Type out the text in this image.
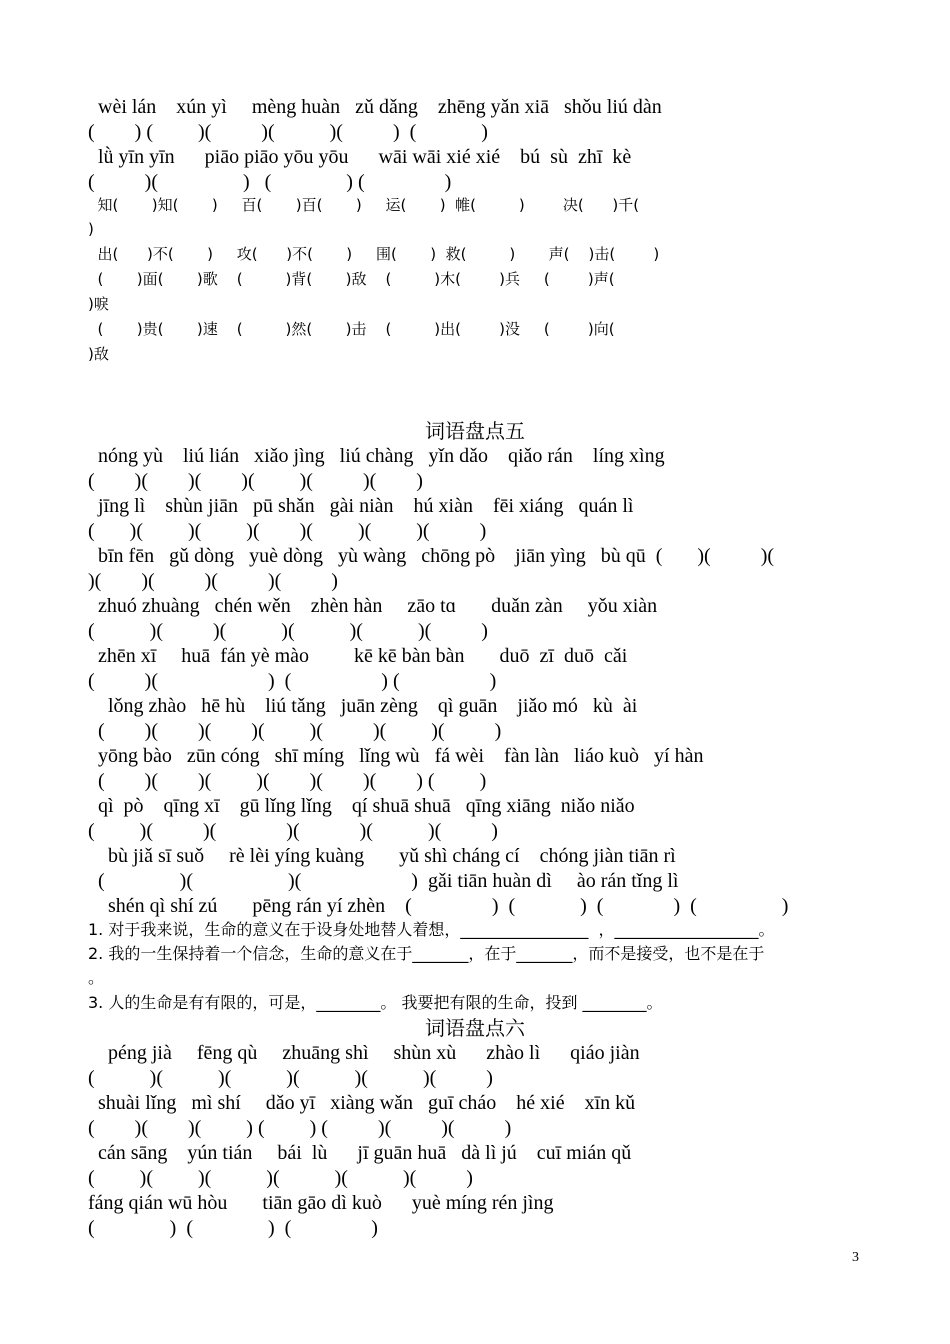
wèi lán    xún yì     mèng huàn   zǔ dǎng    zhēng yǎn xiā   shǒu liú dàn
(        ) (         )(          )(           )(          )  (             )
lǜ yīn yīn      piāo piāo yōu yōu      wāi wāi xié xié    bú  sù  zhī  kè
(          )(                 )   (               ) (                )
知(       )知(       )     百(       )百(       )     运(       )  帷(         )        决(      )千(
)
出(      )不(       )     攻(      )不(       )     围(       )  救(         )       声(    )击(        )
(       )面(       )歌    (         )背(       )敌    (         )木(        )兵     (        )声(
)唳
(       )贵(       )速    (         )然(       )击    (         )出(        )没     (        )向(
)敌
词语盘点五
nóng yù    liú lián   xiǎo jìng   liú chàng   yǐn dǎo    qiǎo rán    líng xìng
(        )(        )(        )(         )(          )(        )
jīng lì    shùn jiān   pū shǎn   gài niàn    hú xiàn    fēi xiáng   quán lì
(       )(         )(         )(        )(         )(         )(          )
bīn fēn   gǔ dòng   yuè dòng   yù wàng   chōng pò    jiān yìng   bù qū  (       )(          )(
)(        )(          )(          )(          )
zhuó zhuàng   chén wěn    zhèn hàn     zāo tɑ       duǎn zàn     yǒu xiàn
(           )(          )(           )(           )(           )(          )
zhēn xī     huā  fán yè mào         kē kē bàn bàn       duō  zī  duō  cǎi
(          )(                      )  (                  ) (                  )
lǒng zhào   hē hù    liú tǎng   juān zèng    qì guān    jiǎo mó   kù  ài
(        )(        )(        )(         )(          )(         )(          )
yōng bào   zūn cóng   shī míng   lǐng wù   fá wèi    fàn làn   liáo kuò   yí hàn
(        )(        )(         )(        )(        )(        ) (         )
qì  pò    qīng xī    gū lǐng lǐng    qí shuā shuā   qīng xiāng  niǎo niǎo
(         )(          )(              )(            )(           )(          )
bù jiǎ sī suǒ     rè lèi yíng kuàng       yǔ shì cháng cí    chóng jiàn tiān rì
(               )(                   )(                      )  gǎi tiān huàn dì     ào rán tǐng lì
shén qì shí zú       pēng rán yí zhèn    (                )  (             )  (              )  (                 )
1. 对于我来说，生命的意义在于设身处地替人着想，________________  ，__________________。
2. 我的一生保持着一个信念，生命的意义在于_______，在于_______，而不是接受，也不是在于
。
3. 人的生命是有有限的，可是，________。 我要把有限的生命，投到 ________。
词语盘点六
péng jià     fēng qù     zhuāng shì     shùn xù      zhào lì      qiáo jiàn
(           )(           )(           )(           )(           )(          )
shuài lǐng   mì shí     dǎo yī   xiàng wǎn   guī cháo    hé xié    xīn kǔ
(        )(        )(         ) (         ) (          )(          )(          )
cán sāng    yún tián     bái  lù      jī guān huā   dà lì jú    cuī mián qǔ
(         )(         )(           )(           )(           )(          )
fáng qián wū hòu       tiān gāo dì kuò      yuè míng rén jìng
(               )  (               )  (                )
3
